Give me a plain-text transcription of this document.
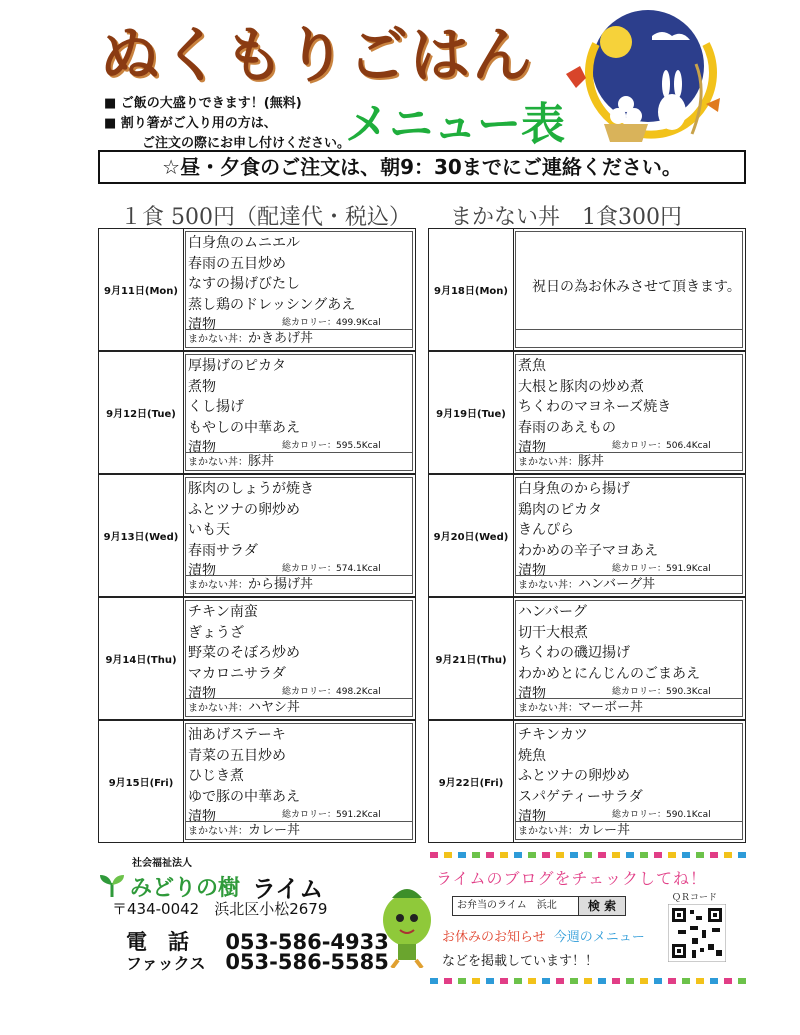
ぬくもりごはん
メニュー表
■ ご飯の大盛りできます！(無料)
■ 割り箸がご入り用の方は、
ご注文の際にお申し付けください。
☆昼・夕食のご注文は、朝9：30までにご連絡ください。
１食 500円（配達代・税込） まかない丼　1食300円
9月11日(Mon)
白身魚のムニエル
春雨の五目炒め
なすの揚げびたし
蒸し鶏のドレッシングあえ
漬物	総カロリー：499.9Kcal
まかない丼：かきあげ丼
9月12日(Tue)
厚揚げのピカタ
煮物
くし揚げ
もやしの中華あえ
漬物	総カロリー：595.5Kcal
まかない丼：豚丼
9月13日(Wed)
豚肉のしょうが焼き
ふとツナの卵炒め
いも天
春雨サラダ
漬物	総カロリー：574.1Kcal
まかない丼：から揚げ丼
9月14日(Thu)
チキン南蛮
ぎょうざ
野菜のそぼろ炒め
マカロニサラダ
漬物	総カロリー：498.2Kcal
まかない丼：ハヤシ丼
9月15日(Fri)
油あげステーキ
青菜の五目炒め
ひじき煮
ゆで豚の中華あえ
漬物	総カロリー：591.2Kcal
まかない丼：カレー丼
9月18日(Mon)	祝日の為お休みさせて頂きます。
9月19日(Tue)
煮魚
大根と豚肉の炒め煮
ちくわのマヨネーズ焼き
春雨のあえもの
漬物	総カロリー：506.4Kcal
まかない丼：豚丼
9月20日(Wed)
白身魚のから揚げ
鶏肉のピカタ
きんぴら
わかめの辛子マヨあえ
漬物	総カロリー：591.9Kcal
まかない丼：ハンバーグ丼
9月21日(Thu)
ハンバーグ
切干大根煮
ちくわの磯辺揚げ
わかめとにんじんのごまあえ
漬物	総カロリー：590.3Kcal
まかない丼：マーボー丼
9月22日(Fri)
チキンカツ
焼魚
ふとツナの卵炒め
スパゲティーサラダ
漬物	総カロリー：590.1Kcal
まかない丼：カレー丼
社会福祉法人
みどりの樹 ライム
〒434-0042　浜北区小松2679
電　話 053-586-4933
ファックス 053-586-5585
ライムのブログをチェックしてね！
お弁当のライム　浜北	検 索
お休みのお知らせ 今週のメニュー
などを掲載しています！！
ＱＲコード
